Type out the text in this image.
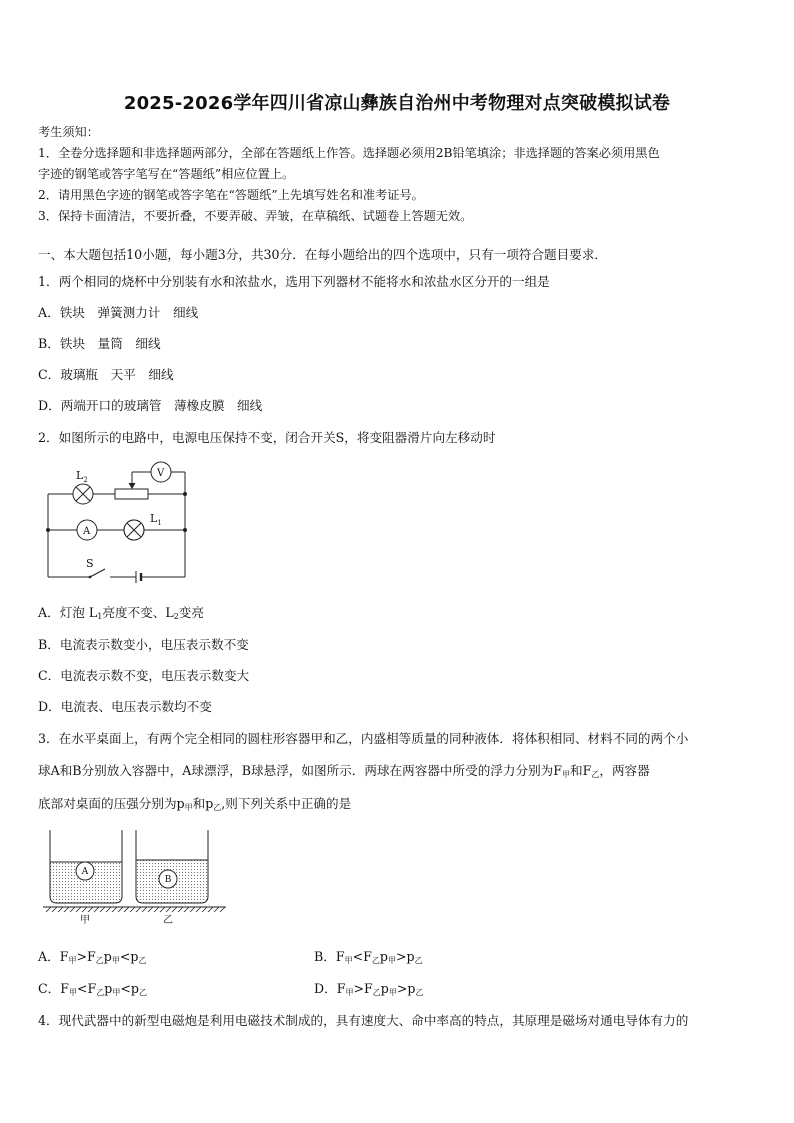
2025-2026学年四川省凉山彝族自治州中考物理对点突破模拟试卷

考生须知：

1．全卷分选择题和非选择题两部分，全部在答题纸上作答。选择题必须用2B铅笔填涂；非选择题的答案必须用黑色

字迹的钢笔或答字笔写在“答题纸”相应位置上。

2．请用黑色字迹的钢笔或答字笔在“答题纸”上先填写姓名和准考证号。

3．保持卡面清洁，不要折叠，不要弄破、弄皱，在草稿纸、试题卷上答题无效。

一、本大题包括10小题，每小题3分，共30分．在每小题给出的四个选项中，只有一项符合题目要求．
1．两个相同的烧杯中分别装有水和浓盐水，选用下列器材不能将水和浓盐水区分开的一组是
A．铁块　弹簧测力计　细线
B．铁块　量筒　细线
C．玻璃瓶　天平　细线
D．两端开口的玻璃管　薄橡皮膜　细线
2．如图所示的电路中，电源电压保持不变，闭合开关S，将变阻器滑片向左移动时
$L_2$
V
A
$L_1$
S
A．灯泡 $L_1$亮度不变、$L_2$变亮
B．电流表示数变小，电压表示数不变
C．电流表示数不变，电压表示数变大
D．电流表、电压表示数均不变
3．在水平桌面上，有两个完全相同的圆柱形容器甲和乙，内盛相等质量的同种液体．将体积相同、材料不同的两个小
球A和B分别放入容器中，A球漂浮，B球悬浮，如图所示．两球在两容器中所受的浮力分别为$F_甲$和$F_乙$，两容器
底部对桌面的压强分别为$p_甲$和$p_乙$,则下列关系中正确的是
A
B
甲	乙
A．$F_甲>F_乙p_甲<p_乙$	B．$F_甲<F_乙p_甲>p_乙$
C．$F_甲<F_乙p_甲<p_乙$	D．$F_甲>F_乙p_甲>p_乙$
4．现代武器中的新型电磁炮是利用电磁技术制成的，具有速度大、命中率高的特点，其原理是磁场对通电导体有力的
